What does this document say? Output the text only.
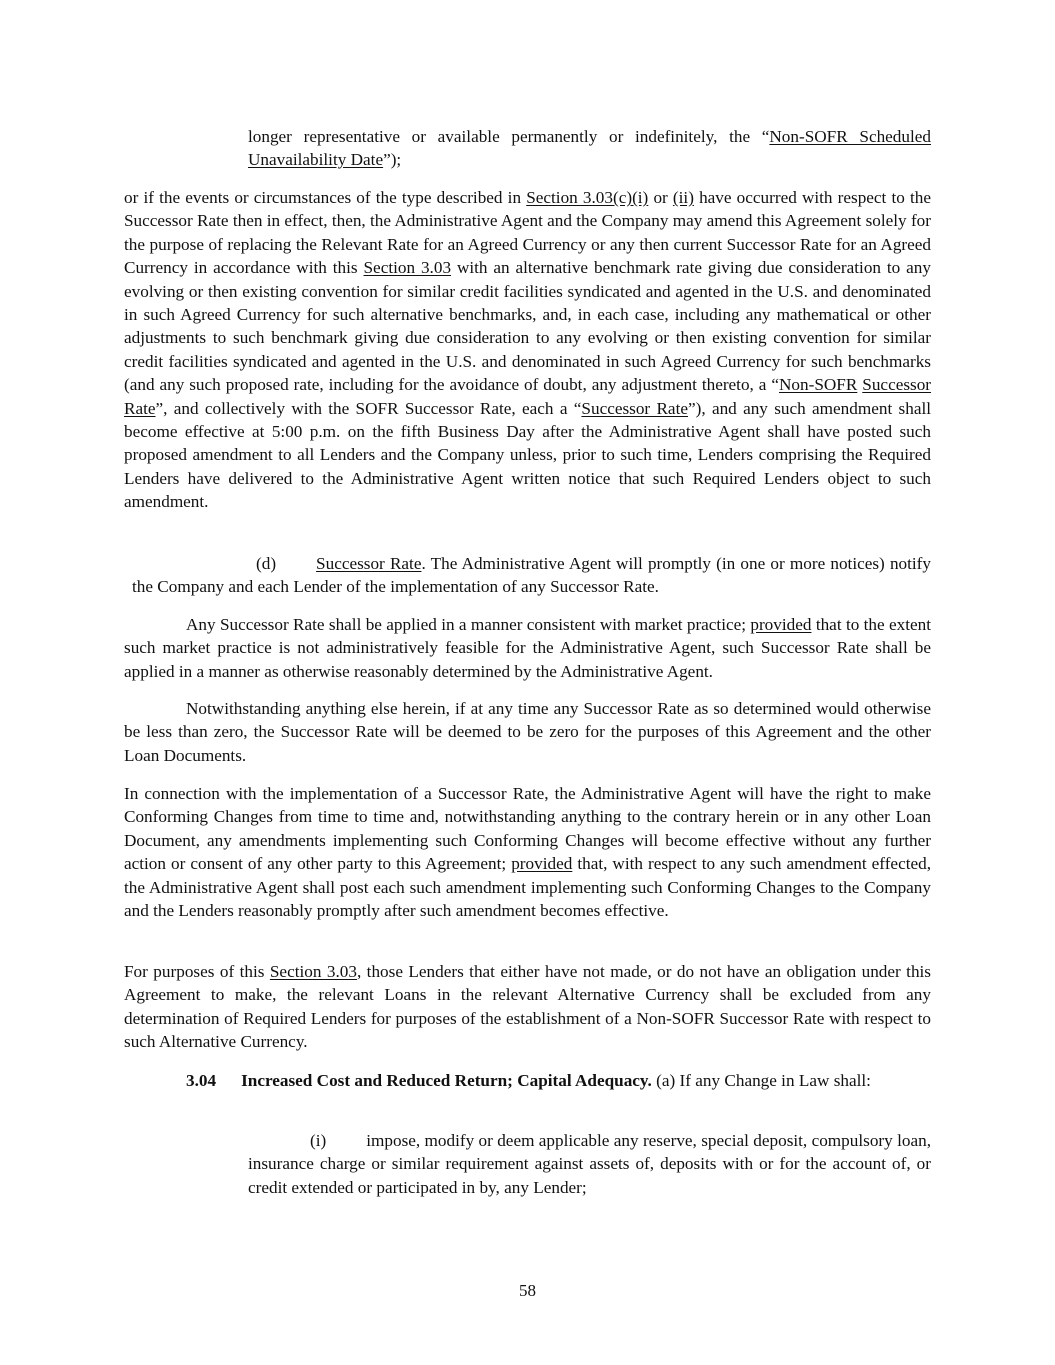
longer representative or available permanently or indefinitely, the “Non-SOFR Scheduled Unavailability Date”);

or if the events or circumstances of the type described in Section 3.03(c)(i) or (ii) have occurred with respect to the Successor Rate then in effect, then, the Administrative Agent and the Company may amend this Agreement solely for the purpose of replacing the Relevant Rate for an Agreed Currency or any then current Successor Rate for an Agreed Currency in accordance with this Section 3.03 with an alternative benchmark rate giving due consideration to any evolving or then existing convention for similar credit facilities syndicated and agented in the U.S. and denominated in such Agreed Currency for such alternative benchmarks, and, in each case, including any mathematical or other adjustments to such benchmark giving due consideration to any evolving or then existing convention for similar credit facilities syndicated and agented in the U.S. and denominated in such Agreed Currency for such benchmarks (and any such proposed rate, including for the avoidance of doubt, any adjustment thereto, a “Non-SOFR Successor Rate”, and collectively with the SOFR Successor Rate, each a “Successor Rate”), and any such amendment shall become effective at 5:00 p.m. on the fifth Business Day after the Administrative Agent shall have posted such proposed amendment to all Lenders and the Company unless, prior to such time, Lenders comprising the Required Lenders have delivered to the Administrative Agent written notice that such Required Lenders object to such amendment.

(d) Successor Rate. The Administrative Agent will promptly (in one or more notices) notify the Company and each Lender of the implementation of any Successor Rate.

Any Successor Rate shall be applied in a manner consistent with market practice; provided that to the extent such market practice is not administratively feasible for the Administrative Agent, such Successor Rate shall be applied in a manner as otherwise reasonably determined by the Administrative Agent.

Notwithstanding anything else herein, if at any time any Successor Rate as so determined would otherwise be less than zero, the Successor Rate will be deemed to be zero for the purposes of this Agreement and the other Loan Documents.

In connection with the implementation of a Successor Rate, the Administrative Agent will have the right to make Conforming Changes from time to time and, notwithstanding anything to the contrary herein or in any other Loan Document, any amendments implementing such Conforming Changes will become effective without any further action or consent of any other party to this Agreement; provided that, with respect to any such amendment effected, the Administrative Agent shall post each such amendment implementing such Conforming Changes to the Company and the Lenders reasonably promptly after such amendment becomes effective.

For purposes of this Section 3.03, those Lenders that either have not made, or do not have an obligation under this Agreement to make, the relevant Loans in the relevant Alternative Currency shall be excluded from any determination of Required Lenders for purposes of the establishment of a Non-SOFR Successor Rate with respect to such Alternative Currency.

3.04 Increased Cost and Reduced Return; Capital Adequacy. (a) If any Change in Law shall:

(i) impose, modify or deem applicable any reserve, special deposit, compulsory loan, insurance charge or similar requirement against assets of, deposits with or for the account of, or credit extended or participated in by, any Lender;

58
